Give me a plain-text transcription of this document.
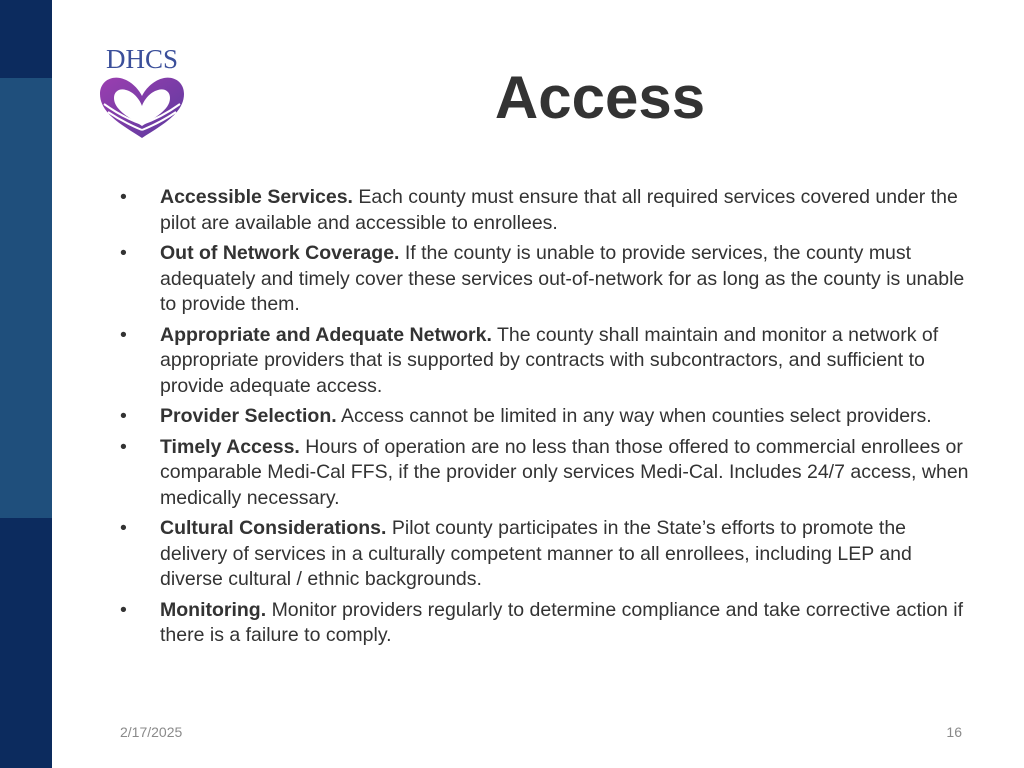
DHCS
Access
• Accessible Services. Each county must ensure that all required services covered under the pilot are available and accessible to enrollees.
• Out of Network Coverage. If the county is unable to provide services, the county must adequately and timely cover these services out-of-network for as long as the county is unable to provide them.
• Appropriate and Adequate Network. The county shall maintain and monitor a network of appropriate providers that is supported by contracts with subcontractors, and sufficient to provide adequate access.
• Provider Selection. Access cannot be limited in any way when counties select providers.
• Timely Access. Hours of operation are no less than those offered to commercial enrollees or comparable Medi-Cal FFS, if the provider only services Medi-Cal. Includes 24/7 access, when medically necessary.
• Cultural Considerations. Pilot county participates in the State’s efforts to promote the delivery of services in a culturally competent manner to all enrollees, including LEP and diverse cultural / ethnic backgrounds.
• Monitoring. Monitor providers regularly to determine compliance and take corrective action if there is a failure to comply.
2/17/2025	16
